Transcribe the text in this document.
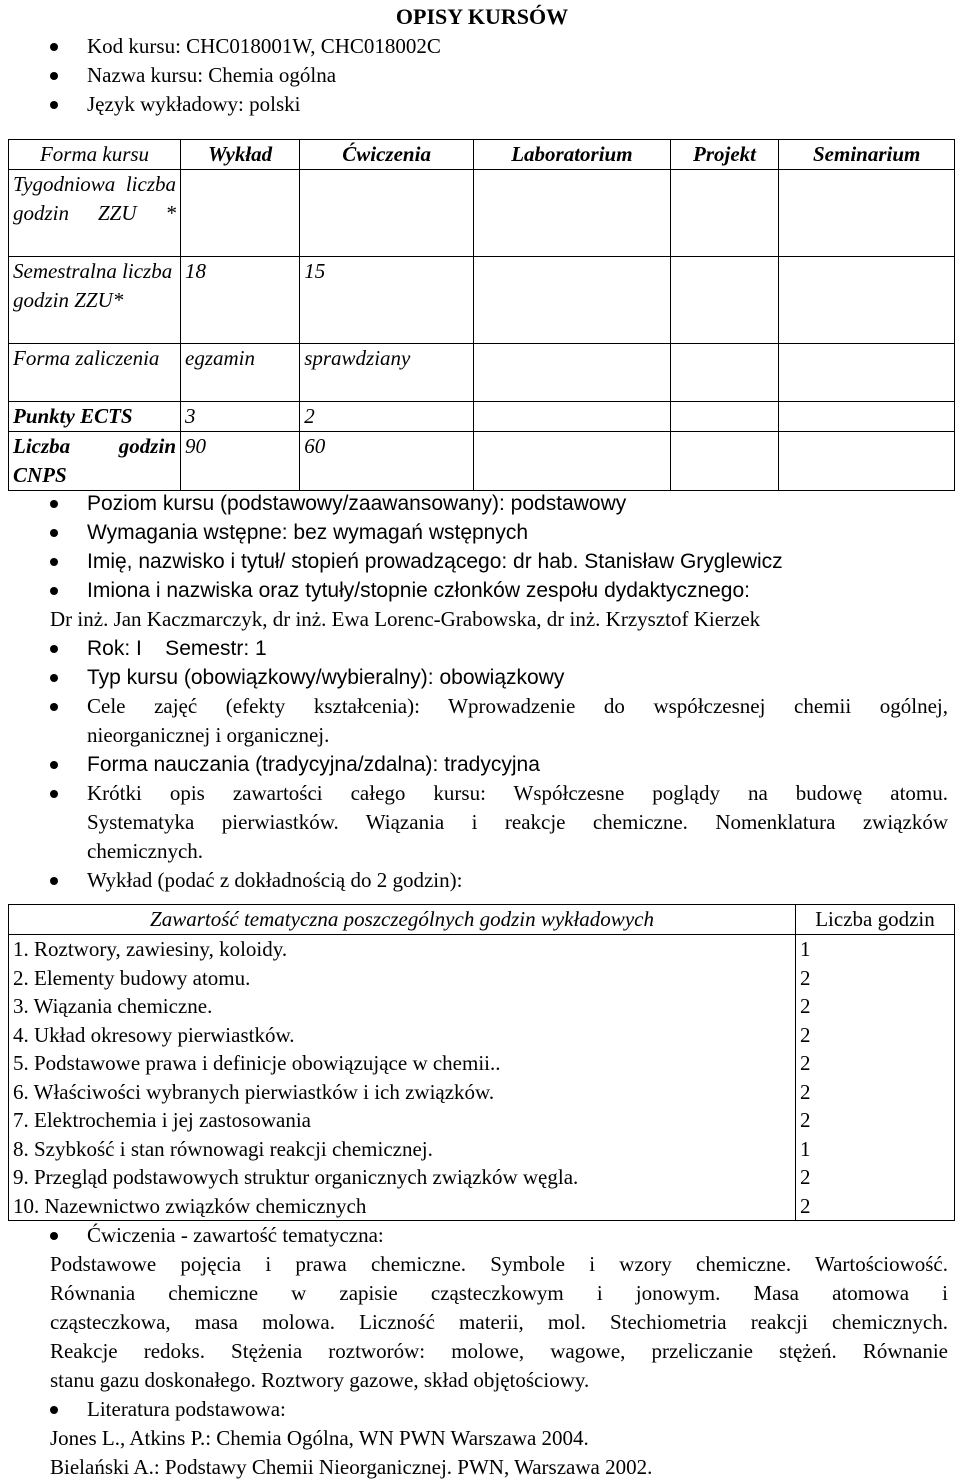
OPISY KURSÓW
Kod kursu: CHC018001W, CHC018002C
Nazwa kursu: Chemia ogólna
Język wykładowy: polski
Forma kursu	Wykład	Ćwiczenia	Laboratorium	Projekt	Seminarium
Tygodniowa liczba godzin ZZU *					
Semestralna liczba godzin ZZU*	18	15			
Forma zaliczenia	egzamin	sprawdziany			
Punkty ECTS	3	2			
Liczba godzin CNPS	90	60			
Poziom kursu (podstawowy/zaawansowany): podstawowy
Wymagania wstępne: bez wymagań wstępnych
Imię, nazwisko i tytuł/ stopień prowadzącego: dr hab. Stanisław Gryglewicz
Imiona i nazwiska oraz tytuły/stopnie członków zespołu dydaktycznego:
Dr inż. Jan Kaczmarczyk, dr inż. Ewa Lorenc-Grabowska, dr inż. Krzysztof Kierzek
Rok: I    Semestr: 1
Typ kursu (obowiązkowy/wybieralny): obowiązkowy
Cele zajęć (efekty kształcenia): Wprowadzenie do współczesnej chemii ogólnej,
nieorganicznej i organicznej.
Forma nauczania (tradycyjna/zdalna): tradycyjna
Krótki opis zawartości całego kursu: Współczesne poglądy na budowę atomu.
Systematyka pierwiastków. Wiązania i reakcje chemiczne. Nomenklatura związków
chemicznych.
Wykład (podać z dokładnością do 2 godzin):
Zawartość tematyczna poszczególnych godzin wykładowych	Liczba godzin
1. Roztwory, zawiesiny, koloidy.	1
2. Elementy budowy atomu.	2
3. Wiązania chemiczne.	2
4. Układ okresowy pierwiastków.	2
5. Podstawowe prawa i definicje obowiązujące w chemii..	2
6. Właściwości wybranych pierwiastków i ich związków.	2
7. Elektrochemia i jej zastosowania	2
8. Szybkość i stan równowagi reakcji chemicznej.	1
9. Przegląd podstawowych struktur organicznych związków węgla.	2
10. Nazewnictwo związków chemicznych	2
Ćwiczenia - zawartość tematyczna:
Podstawowe pojęcia i prawa chemiczne. Symbole i wzory chemiczne. Wartościowość.
Równania chemiczne w zapisie cząsteczkowym i jonowym. Masa atomowa i
cząsteczkowa, masa molowa. Liczność materii, mol. Stechiometria reakcji chemicznych.
Reakcje redoks. Stężenia roztworów: molowe, wagowe, przeliczanie stężeń. Równanie
stanu gazu doskonałego. Roztwory gazowe, skład objętościowy.
Literatura podstawowa:
Jones L., Atkins P.: Chemia Ogólna, WN PWN Warszawa 2004.
Bielański A.: Podstawy Chemii Nieorganicznej. PWN, Warszawa 2002.
